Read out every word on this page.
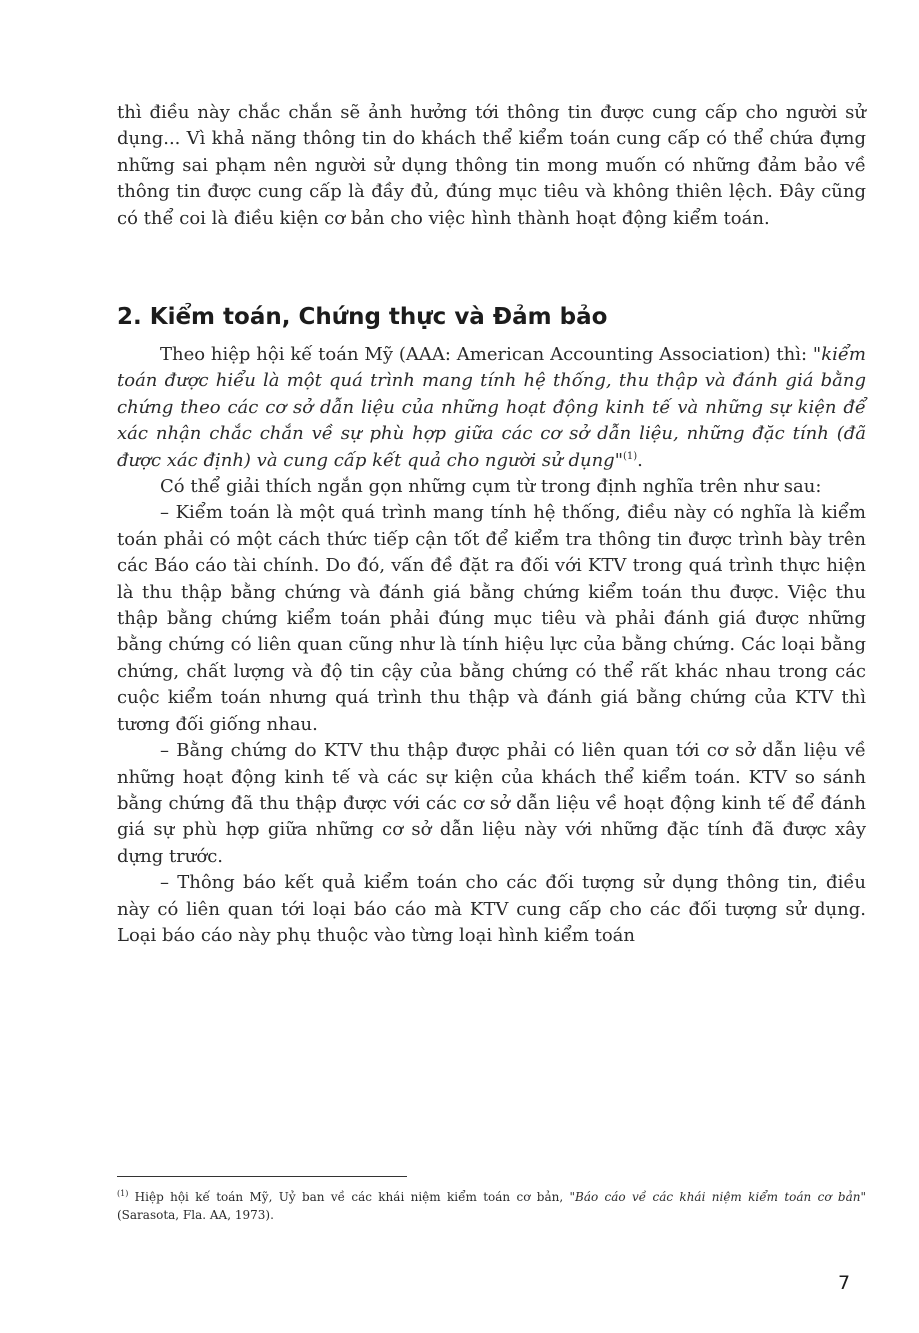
thì điều này chắc chắn sẽ ảnh hưởng tới thông tin được cung cấp cho người sử dụng... Vì khả năng thông tin do khách thể kiểm toán cung cấp có thể chứa đựng những sai phạm nên người sử dụng thông tin mong muốn có những đảm bảo về thông tin được cung cấp là đầy đủ, đúng mục tiêu và không thiên lệch. Đây cũng có thể coi là điều kiện cơ bản cho việc hình thành hoạt động kiểm toán.

2. Kiểm toán, Chứng thực và Đảm bảo

Theo hiệp hội kế toán Mỹ (AAA: American Accounting Association) thì: "kiểm toán được hiểu là một quá trình mang tính hệ thống, thu thập và đánh giá bằng chứng theo các cơ sở dẫn liệu của những hoạt động kinh tế và những sự kiện để xác nhận chắc chắn về sự phù hợp giữa các cơ sở dẫn liệu, những đặc tính (đã được xác định) và cung cấp kết quả cho người sử dụng"$^{(1)}$.

Có thể giải thích ngắn gọn những cụm từ trong định nghĩa trên như sau:

– Kiểm toán là một quá trình mang tính hệ thống, điều này có nghĩa là kiểm toán phải có một cách thức tiếp cận tốt để kiểm tra thông tin được trình bày trên các Báo cáo tài chính. Do đó, vấn đề đặt ra đối với KTV trong quá trình thực hiện là thu thập bằng chứng và đánh giá bằng chứng kiểm toán thu được. Việc thu thập bằng chứng kiểm toán phải đúng mục tiêu và phải đánh giá được những bằng chứng có liên quan cũng như là tính hiệu lực của bằng chứng. Các loại bằng chứng, chất lượng và độ tin cậy của bằng chứng có thể rất khác nhau trong các cuộc kiểm toán nhưng quá trình thu thập và đánh giá bằng chứng của KTV thì tương đối giống nhau.

– Bằng chứng do KTV thu thập được phải có liên quan tới cơ sở dẫn liệu về những hoạt động kinh tế và các sự kiện của khách thể kiểm toán. KTV so sánh bằng chứng đã thu thập được với các cơ sở dẫn liệu về hoạt động kinh tế để đánh giá sự phù hợp giữa những cơ sở dẫn liệu này với những đặc tính đã được xây dựng trước.

– Thông báo kết quả kiểm toán cho các đối tượng sử dụng thông tin, điều này có liên quan tới loại báo cáo mà KTV cung cấp cho các đối tượng sử dụng. Loại báo cáo này phụ thuộc vào từng loại hình kiểm toán

$^{(1)}$ Hiệp hội kế toán Mỹ, Uỷ ban về các khái niệm kiểm toán cơ bản, "Báo cáo về các khái niệm kiểm toán cơ bản" (Sarasota, Fla. AA, 1973).

7
